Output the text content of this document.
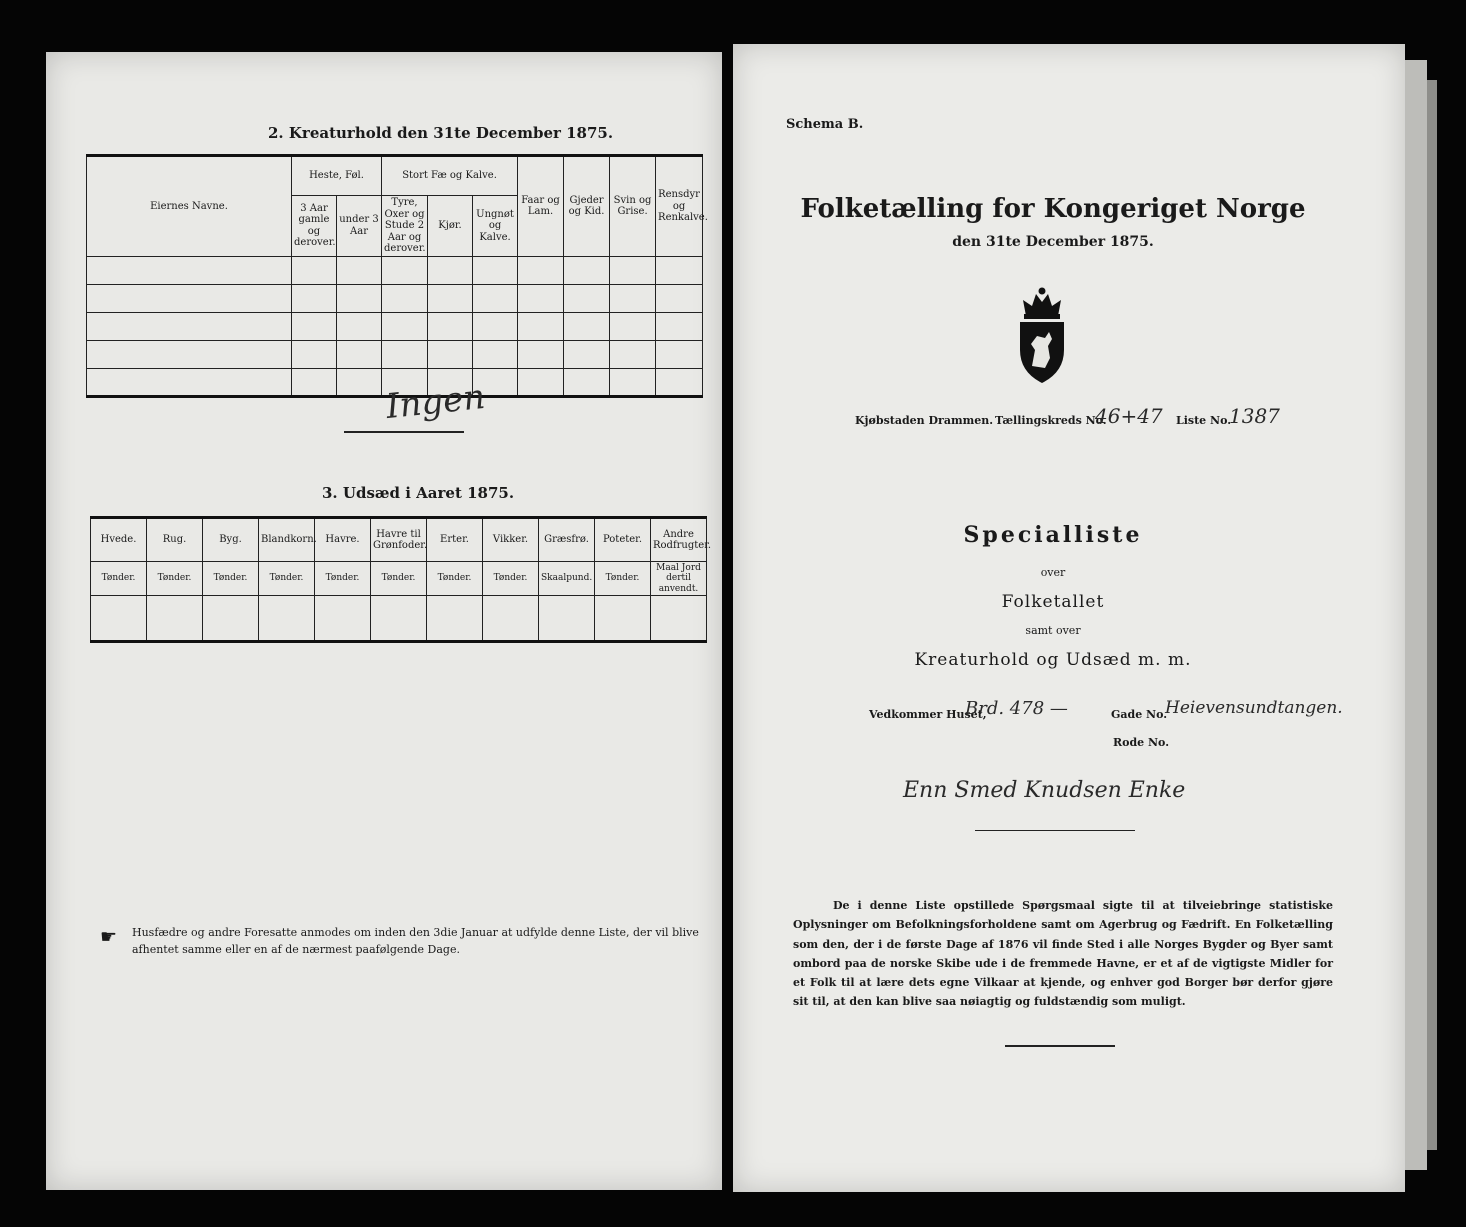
2. Kreaturhold den 31te December 1875.
Eiernes Navne.	Heste, Føl.		Stort Fæ og Kalve.			Faar og Lam.	Gjeder og Kid.	Svin og Grise.	Rensdyr og Renkalve.
	3 Aar gamle og derover.	under 3 Aar	Tyre, Oxer og Stude 2 Aar og derover.	Kjør.	Ungnøt og Kalve.				

Ingen
3. Udsæd i Aaret 1875.
Hvede.	Rug.	Byg.	Blandkorn.	Havre.	Havre til Grønfoder.	Erter.	Vikker.	Græsfrø.	Poteter.	Andre Rodfrugter.
Tønder.	Tønder.	Tønder.	Tønder.	Tønder.	Tønder.	Tønder.	Tønder.	Skaalpund.	Tønder.	Maal Jord dertil anvendt.

☛ Husfædre og andre Foresatte anmodes om inden den 3die Januar at udfylde denne Liste, der vil blive afhentet samme eller en af de nærmest paafølgende Dage.
Schema B.
Folketælling for Kongeriget Norge
den 31te December 1875.
Kjøbstaden Drammen. Tællingskreds No.
46+47 Liste No.
1387
Specialliste
over
Folketallet
samt over
Kreaturhold og Udsæd m. m.
Vedkommer Huset,
Brd. 478 —	Gade No.
Heievensundtangen.
Rode No.
Enn Smed Knudsen Enke
De i denne Liste opstillede Spørgsmaal sigte til at tilveiebringe statistiske Oplysninger om Befolkningsforholdene samt om Agerbrug og Fædrift. En Folketælling som den, der i de første Dage af 1876 vil finde Sted i alle Norges Bygder og Byer samt ombord paa de norske Skibe ude i de fremmede Havne, er et af de vigtigste Midler for et Folk til at lære dets egne Vilkaar at kjende, og enhver god Borger bør derfor gjøre sit til, at den kan blive saa nøiagtig og fuldstændig som muligt.
